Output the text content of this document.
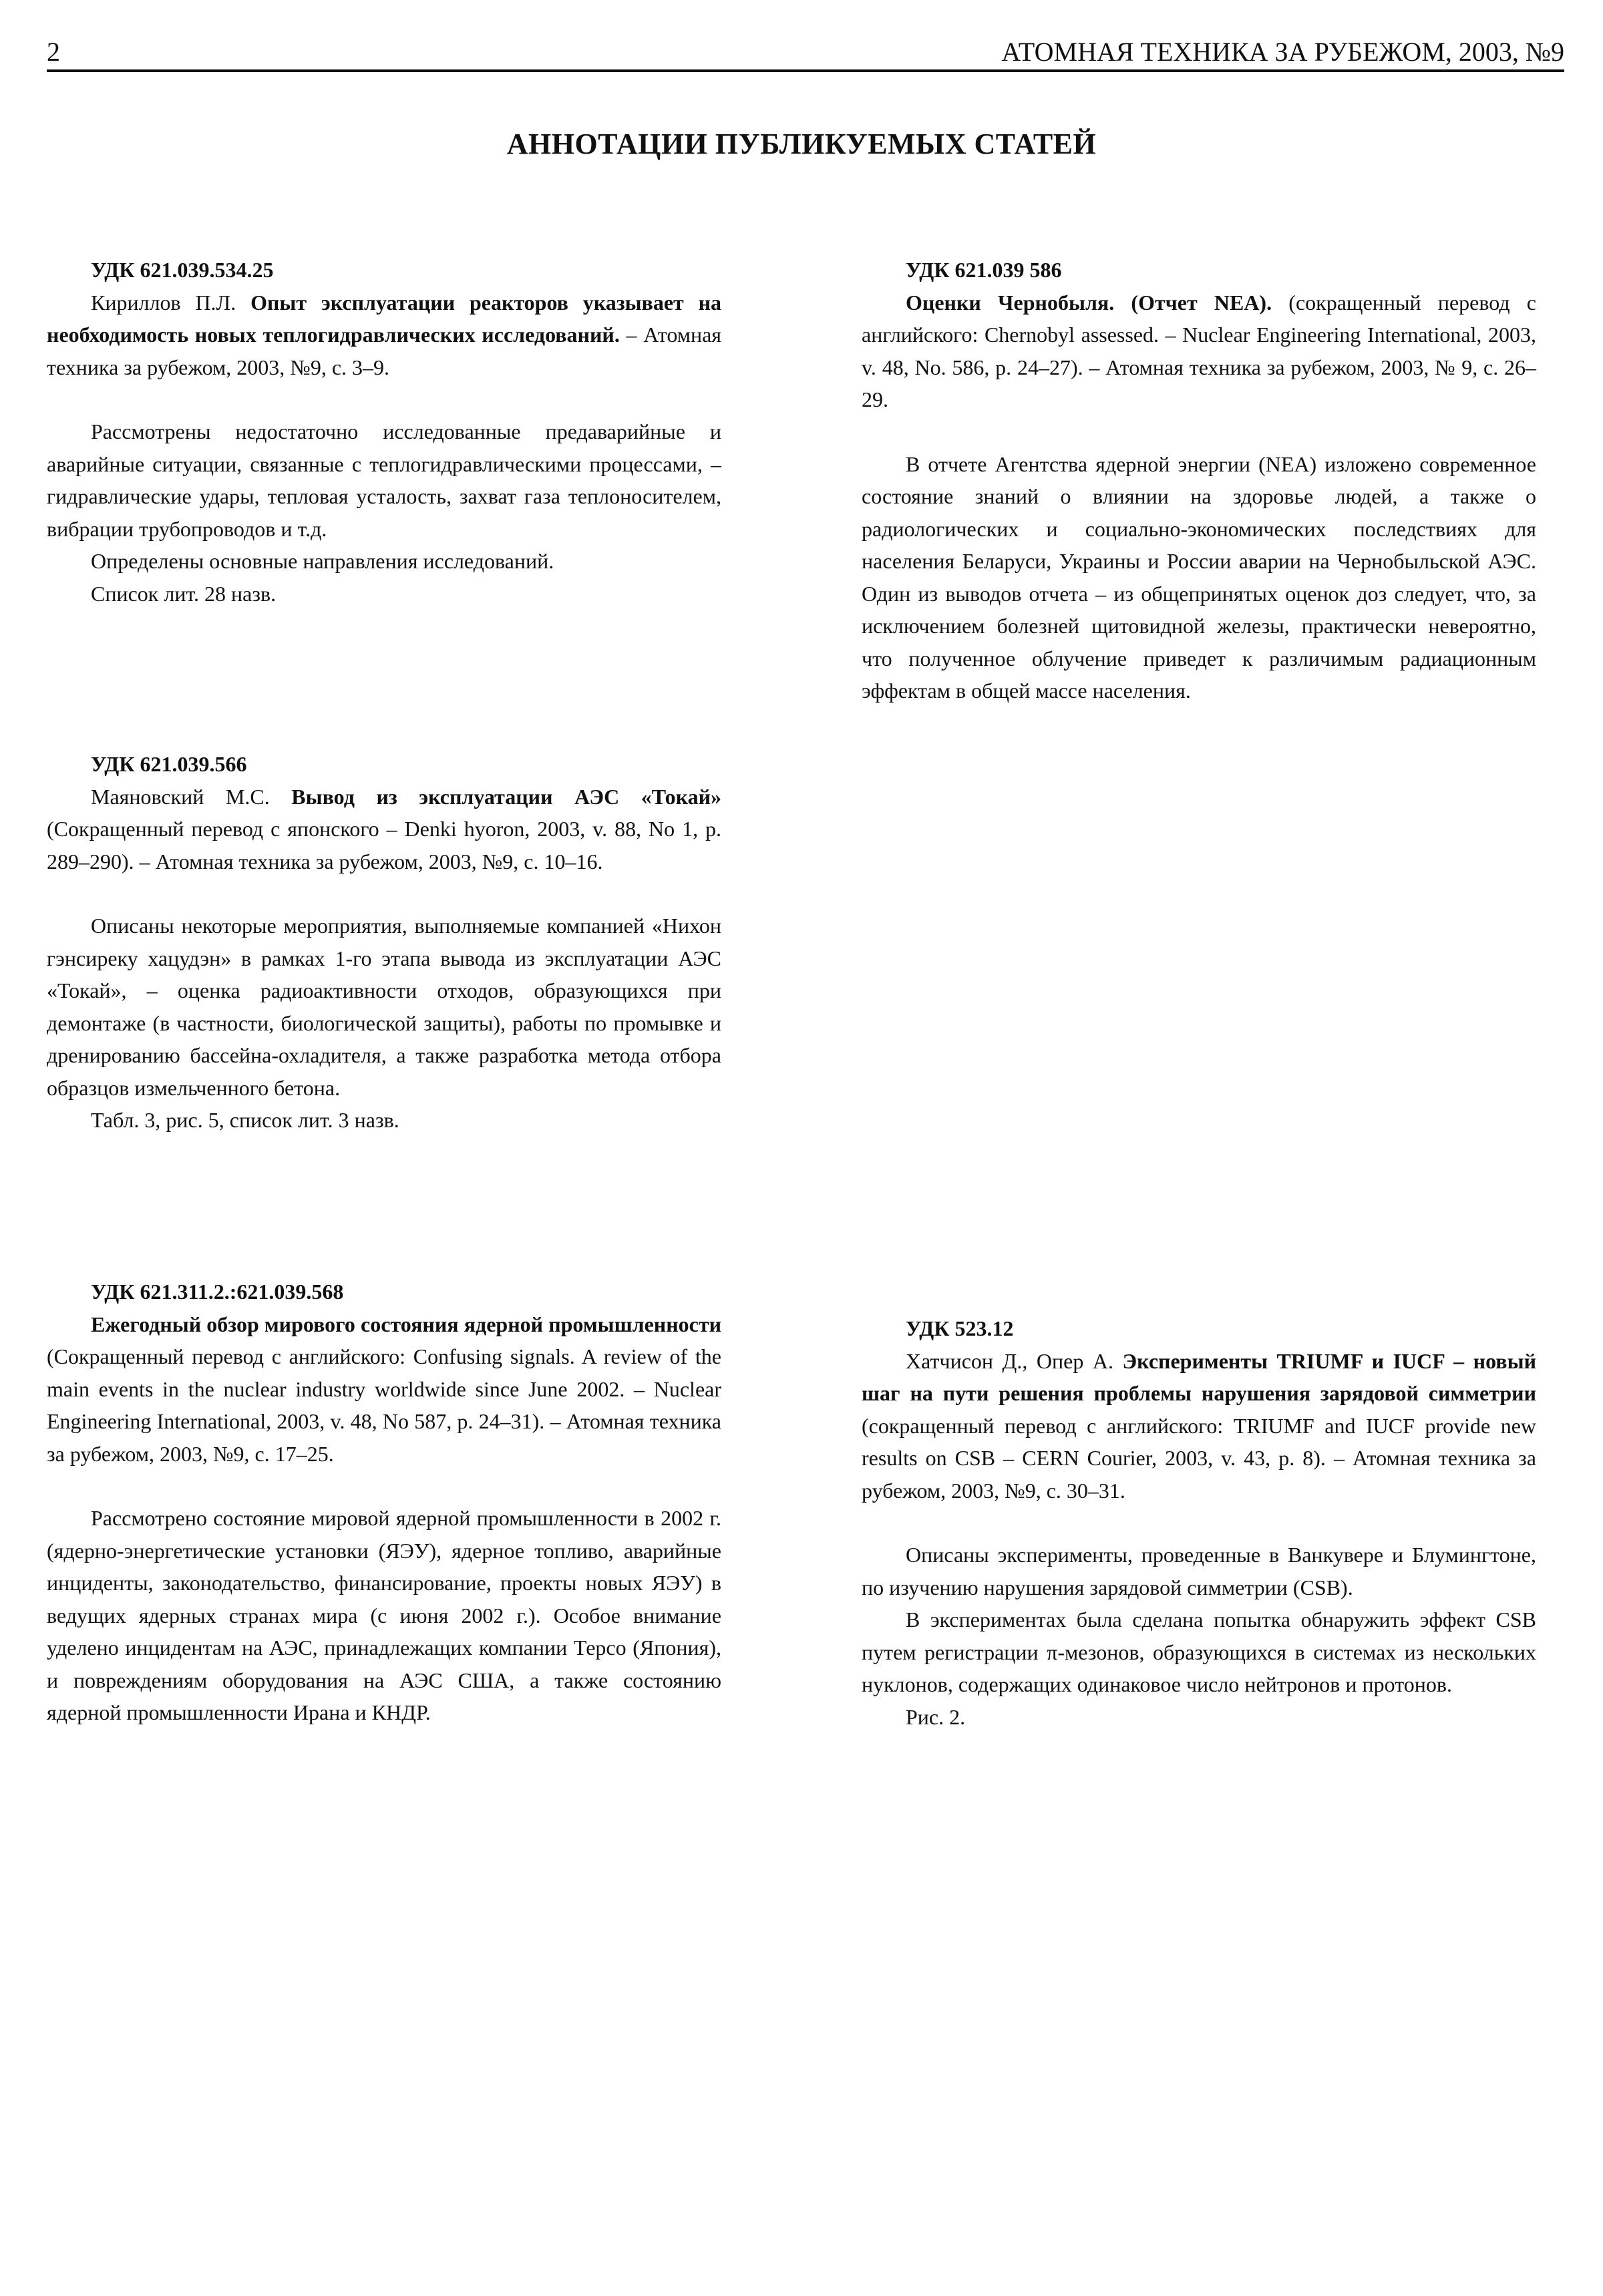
2	АТОМНАЯ ТЕХНИКА ЗА РУБЕЖОМ, 2003, №9
АННОТАЦИИ ПУБЛИКУЕМЫХ СТАТЕЙ

УДК 621.039.534.25

Кириллов П.Л. Опыт эксплуатации реакторов указывает на необходимость новых теплогидравлических исследований. – Атомная техника за рубежом, 2003, №9, с. 3–9.

Рассмотрены недостаточно исследованные предаварийные и аварийные ситуации, связанные с теплогидравлическими процессами, – гидравлические удары, тепловая усталость, захват газа теплоносителем, вибрации трубопроводов и т.д.

Определены основные направления исследований.

Список лит. 28 назв.

УДК 621.039.566

Маяновский М.С. Вывод из эксплуатации АЭС «Токай» (Сокращенный перевод с японского – Denki hyoron, 2003, v. 88, No 1, p. 289–290). – Атомная техника за рубежом, 2003, №9, с. 10–16.

Описаны некоторые мероприятия, выполняемые компанией «Нихон гэнсиреку хацудэн» в рамках 1-го этапа вывода из эксплуатации АЭС «Токай», – оценка радиоактивности отходов, образующихся при демонтаже (в частности, биологической защиты), работы по промывке и дренированию бассейна-охладителя, а также разработка метода отбора образцов измельченного бетона.

Табл. 3, рис. 5, список лит. 3 назв.

УДК 621.311.2.:621.039.568

Ежегодный обзор мирового состояния ядерной промышленности (Сокращенный перевод с английского: Confusing signals. A review of the main events in the nuclear industry worldwide since June 2002. – Nuclear Engineering International, 2003, v. 48, No 587, p. 24–31). – Атомная техника за рубежом, 2003, №9, с. 17–25.

Рассмотрено состояние мировой ядерной промышленности в 2002 г. (ядерно-энергетические установки (ЯЭУ), ядерное топливо, аварийные инциденты, законодательство, финансирование, проекты новых ЯЭУ) в ведущих ядерных странах мира (с июня 2002 г.). Особое внимание уделено инцидентам на АЭС, принадлежащих компании Терсо (Япония), и повреждениям оборудования на АЭС США, а также состоянию ядерной промышленности Ирана и КНДР.

УДК 621.039 586

Оценки Чернобыля. (Отчет NEA). (сокращенный перевод с английского: Chernobyl assessed. – Nuclear Engineering International, 2003, v. 48, No. 586, p. 24–27). – Атомная техника за рубежом, 2003, № 9, с. 26–29.

В отчете Агентства ядерной энергии (NEA) изложено современное состояние знаний о влиянии на здоровье людей, а также о радиологических и социально-экономических последствиях для населения Беларуси, Украины и России аварии на Чернобыльской АЭС. Один из выводов отчета – из общепринятых оценок доз следует, что, за исключением болезней щитовидной железы, практически невероятно, что полученное облучение приведет к различимым радиационным эффектам в общей массе населения.

УДК 523.12

Хатчисон Д., Опер А. Эксперименты TRIUMF и IUCF – новый шаг на пути решения проблемы нарушения зарядовой симметрии (сокращенный перевод с английского: TRIUMF and IUCF provide new results on CSB – CERN Courier, 2003, v. 43, p. 8). – Атомная техника за рубежом, 2003, №9, с. 30–31.

Описаны эксперименты, проведенные в Ванкувере и Блумингтоне, по изучению нарушения зарядовой симметрии (CSB).

В экспериментах была сделана попытка обнаружить эффект CSB путем регистрации π-мезонов, образующихся в системах из нескольких нуклонов, содержащих одинаковое число нейтронов и протонов.

Рис. 2.
